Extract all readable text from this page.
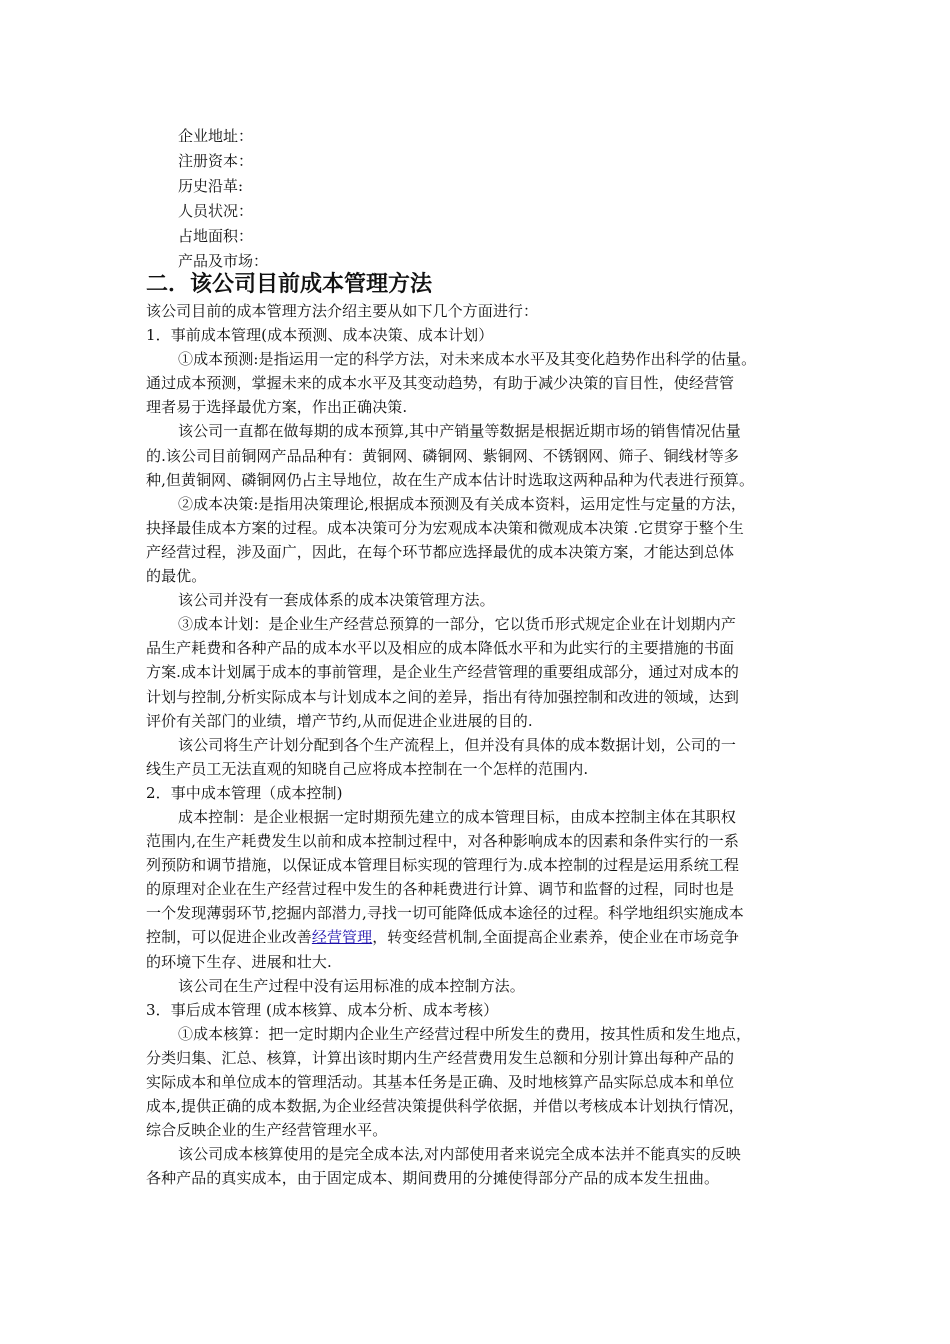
企业地址：
注册资本：
历史沿革:
人员状况：
占地面积：
产品及市场：
二．该公司目前成本管理方法
该公司目前的成本管理方法介绍主要从如下几个方面进行：
1．事前成本管理(成本预测、成本决策、成本计划）
①成本预测:是指运用一定的科学方法，对未来成本水平及其变化趋势作出科学的估量。
通过成本预测，掌握未来的成本水平及其变动趋势，有助于减少决策的盲目性，使经营管
理者易于选择最优方案，作出正确决策.
该公司一直都在做每期的成本预算,其中产销量等数据是根据近期市场的销售情况估量
的.该公司目前铜网产品品种有：黄铜网、磷铜网、紫铜网、不锈钢网、筛子、铜线材等多
种,但黄铜网、磷铜网仍占主导地位，故在生产成本估计时选取这两种品种为代表进行预算。
②成本决策:是指用决策理论,根据成本预测及有关成本资料，运用定性与定量的方法，
抉择最佳成本方案的过程。成本决策可分为宏观成本决策和微观成本决策 .它贯穿于整个生
产经营过程，涉及面广，因此，在每个环节都应选择最优的成本决策方案，才能达到总体
的最优。
该公司并没有一套成体系的成本决策管理方法。
③成本计划：是企业生产经营总预算的一部分，它以货币形式规定企业在计划期内产
品生产耗费和各种产品的成本水平以及相应的成本降低水平和为此实行的主要措施的书面
方案.成本计划属于成本的事前管理，是企业生产经营管理的重要组成部分，通过对成本的
计划与控制,分析实际成本与计划成本之间的差异，指出有待加强控制和改进的领域，达到
评价有关部门的业绩，增产节约,从而促进企业进展的目的.
该公司将生产计划分配到各个生产流程上，但并没有具体的成本数据计划，公司的一
线生产员工无法直观的知晓自己应将成本控制在一个怎样的范围内.
2．事中成本管理（成本控制)
成本控制：是企业根据一定时期预先建立的成本管理目标，由成本控制主体在其职权
范围内,在生产耗费发生以前和成本控制过程中，对各种影响成本的因素和条件实行的一系
列预防和调节措施，以保证成本管理目标实现的管理行为.成本控制的过程是运用系统工程
的原理对企业在生产经营过程中发生的各种耗费进行计算、调节和监督的过程，同时也是
一个发现薄弱环节,挖掘内部潜力,寻找一切可能降低成本途径的过程。科学地组织实施成本
控制，可以促进企业改善经营管理，转变经营机制,全面提高企业素养，使企业在市场竞争
的环境下生存、进展和壮大.
该公司在生产过程中没有运用标准的成本控制方法。
3．事后成本管理 (成本核算、成本分析、成本考核）
①成本核算：把一定时期内企业生产经营过程中所发生的费用，按其性质和发生地点，
分类归集、汇总、核算，计算出该时期内生产经营费用发生总额和分别计算出每种产品的
实际成本和单位成本的管理活动。其基本任务是正确、及时地核算产品实际总成本和单位
成本,提供正确的成本数据,为企业经营决策提供科学依据，并借以考核成本计划执行情况，
综合反映企业的生产经营管理水平。
该公司成本核算使用的是完全成本法,对内部使用者来说完全成本法并不能真实的反映
各种产品的真实成本，由于固定成本、期间费用的分摊使得部分产品的成本发生扭曲。
